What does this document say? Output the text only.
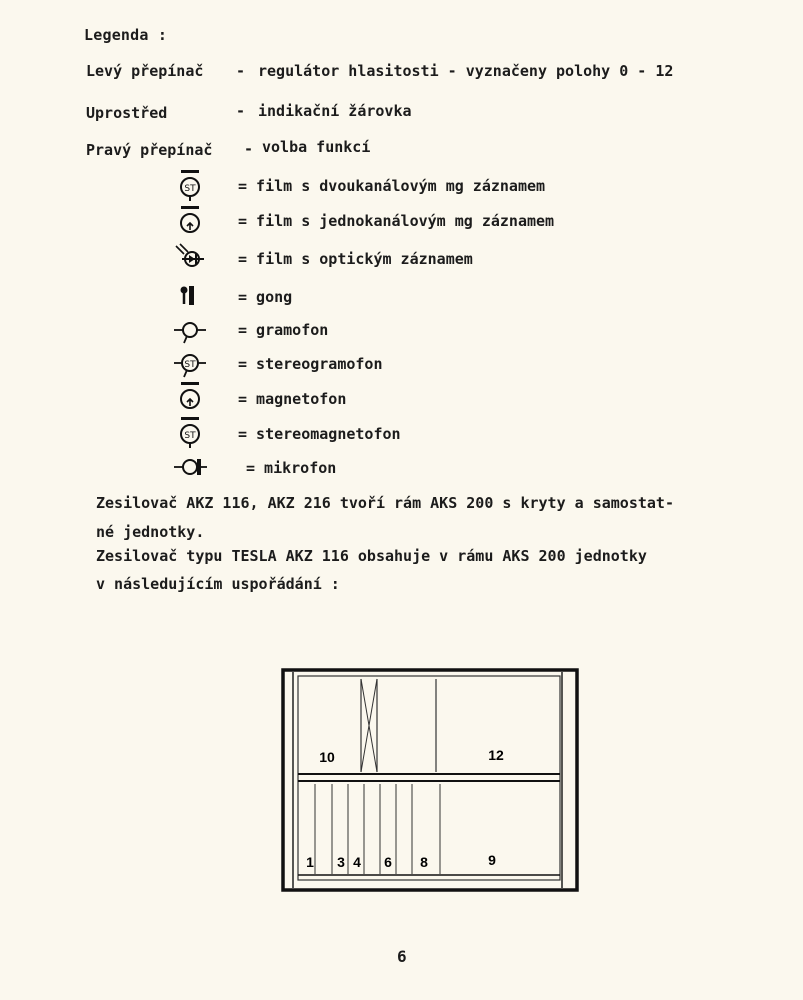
Legenda :
Levý přepínač - regulátor hlasitosti - vyznačeny polohy 0 - 12
Uprostřed	- indikační žárovka
Pravý přepínač - volba funkcí
ST	= film s dvoukanálovým mg záznamem
= film s jednokanálovým mg záznamem
= film s optickým záznamem
= gong
= gramofon
ST	= stereogramofon
= magnetofon
ST	= stereomagnetofon
= mikrofon
Zesilovač AKZ 116, AKZ 216 tvoří rám AKS 200 s kryty a samostat-
né jednotky.
Zesilovač typu TESLA AKZ 116 obsahuje v rámu AKS 200 jednotky
v následujícím uspořádání :
10	12
1 3 4 6 8	9
6
